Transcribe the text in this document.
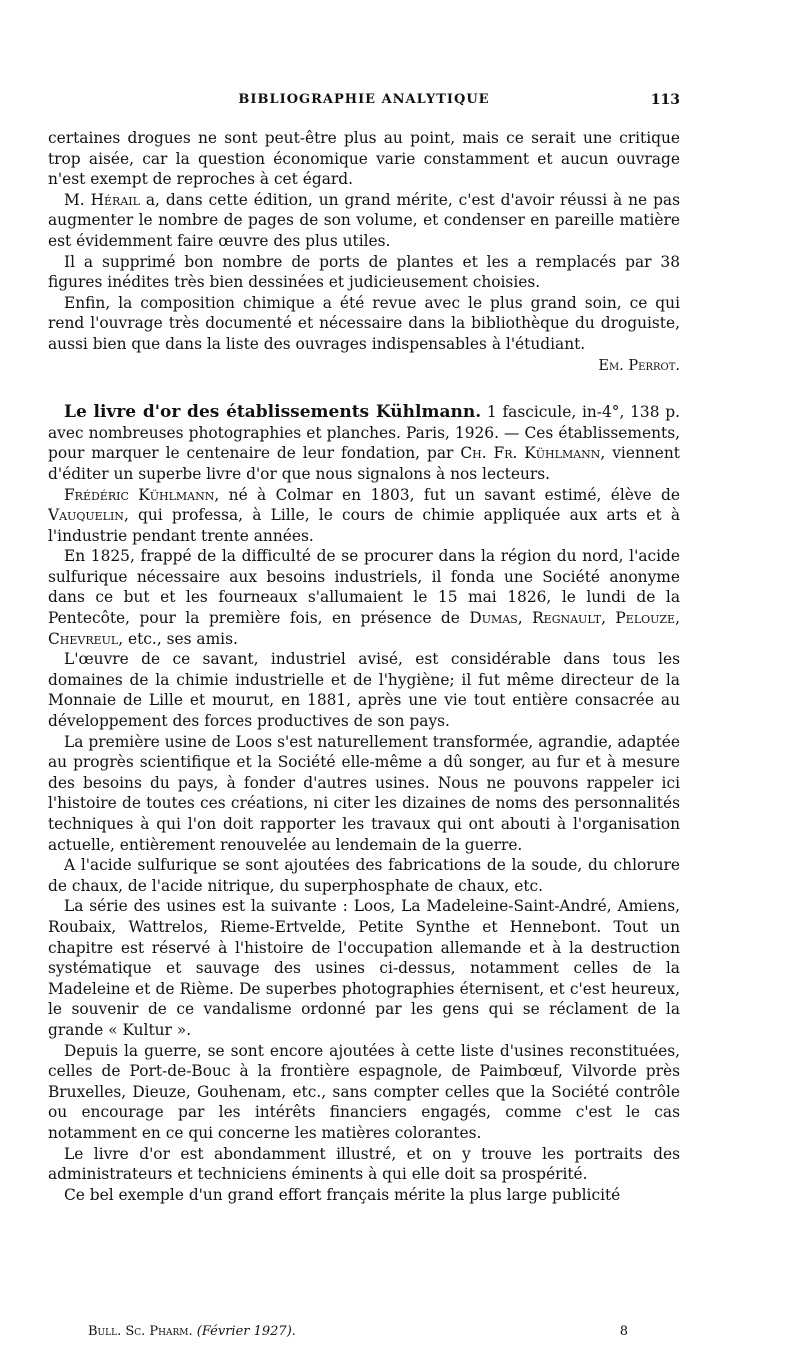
BIBLIOGRAPHIE ANALYTIQUE	113

certaines drogues ne sont peut-être plus au point, mais ce serait une critique trop aisée, car la question économique varie constamment et aucun ouvrage n'est exempt de reproches à cet égard.

M. Hérail a, dans cette édition, un grand mérite, c'est d'avoir réussi à ne pas augmenter le nombre de pages de son volume, et condenser en pareille matière est évidemment faire œuvre des plus utiles.

Il a supprimé bon nombre de ports de plantes et les a remplacés par 38 figures inédites très bien dessinées et judicieusement choisies.

Enfin, la composition chimique a été revue avec le plus grand soin, ce qui rend l'ouvrage très documenté et nécessaire dans la bibliothèque du droguiste, aussi bien que dans la liste des ouvrages indispensables à l'étudiant.

Em. Perrot.

Le livre d'or des établissements Kühlmann. 1 fascicule, in-4°, 138 p. avec nombreuses photographies et planches. Paris, 1926. — Ces établissements, pour marquer le centenaire de leur fondation, par Ch. Fr. Kühlmann, viennent d'éditer un superbe livre d'or que nous signalons à nos lecteurs.

Frédéric Kühlmann, né à Colmar en 1803, fut un savant estimé, élève de Vauquelin, qui professa, à Lille, le cours de chimie appliquée aux arts et à l'industrie pendant trente années.

En 1825, frappé de la difficulté de se procurer dans la région du nord, l'acide sulfurique nécessaire aux besoins industriels, il fonda une Société anonyme dans ce but et les fourneaux s'allumaient le 15 mai 1826, le lundi de la Pentecôte, pour la première fois, en présence de Dumas, Regnault, Pelouze, Chevreul, etc., ses amis.

L'œuvre de ce savant, industriel avisé, est considérable dans tous les domaines de la chimie industrielle et de l'hygiène; il fut même directeur de la Monnaie de Lille et mourut, en 1881, après une vie tout entière consacrée au développement des forces productives de son pays.

La première usine de Loos s'est naturellement transformée, agrandie, adaptée au progrès scientifique et la Société elle-même a dû songer, au fur et à mesure des besoins du pays, à fonder d'autres usines. Nous ne pouvons rappeler ici l'histoire de toutes ces créations, ni citer les dizaines de noms des personnalités techniques à qui l'on doit rapporter les travaux qui ont abouti à l'organisation actuelle, entièrement renouvelée au lendemain de la guerre.

A l'acide sulfurique se sont ajoutées des fabrications de la soude, du chlorure de chaux, de l'acide nitrique, du superphosphate de chaux, etc.

La série des usines est la suivante : Loos, La Madeleine-Saint-André, Amiens, Roubaix, Wattrelos, Rieme-Ertvelde, Petite Synthe et Hennebont. Tout un chapitre est réservé à l'histoire de l'occupation allemande et à la destruction systématique et sauvage des usines ci-dessus, notamment celles de la Madeleine et de Rième. De superbes photographies éternisent, et c'est heureux, le souvenir de ce vandalisme ordonné par les gens qui se réclament de la grande « Kultur ».

Depuis la guerre, se sont encore ajoutées à cette liste d'usines reconstituées, celles de Port-de-Bouc à la frontière espagnole, de Paimbœuf, Vilvorde près Bruxelles, Dieuze, Gouhenam, etc., sans compter celles que la Société contrôle ou encourage par les intérêts financiers engagés, comme c'est le cas notamment en ce qui concerne les matières colorantes.

Le livre d'or est abondamment illustré, et on y trouve les portraits des administrateurs et techniciens éminents à qui elle doit sa prospérité.

Ce bel exemple d'un grand effort français mérite la plus large publicité

Bull. Sc. Pharm. (Février 1927).	8
